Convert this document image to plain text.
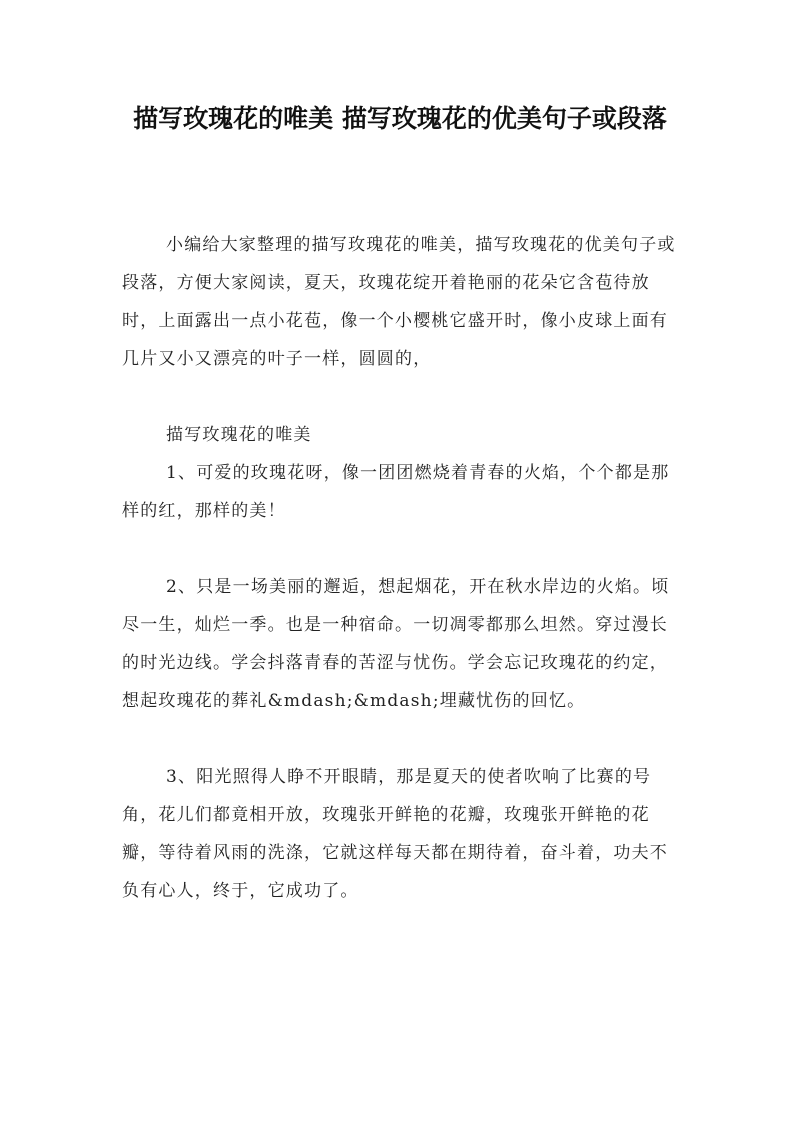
描写玫瑰花的唯美 描写玫瑰花的优美句子或段落

小编给大家整理的描写玫瑰花的唯美，描写玫瑰花的优美句子或段落，方便大家阅读，夏天，玫瑰花绽开着艳丽的花朵它含苞待放时，上面露出一点小花苞，像一个小樱桃它盛开时，像小皮球上面有几片又小又漂亮的叶子一样，圆圆的，

描写玫瑰花的唯美

1、可爱的玫瑰花呀，像一团团燃烧着青春的火焰，个个都是那样的红，那样的美！

2、只是一场美丽的邂逅，想起烟花，开在秋水岸边的火焰。顷尽一生，灿烂一季。也是一种宿命。一切凋零都那么坦然。穿过漫长的时光边线。学会抖落青春的苦涩与忧伤。学会忘记玫瑰花的约定，想起玫瑰花的葬礼&mdash;&mdash;埋藏忧伤的回忆。

3、阳光照得人睁不开眼睛，那是夏天的使者吹响了比赛的号角，花儿们都竟相开放，玫瑰张开鲜艳的花瓣，玫瑰张开鲜艳的花瓣，等待着风雨的洗涤，它就这样每天都在期待着，奋斗着，功夫不负有心人，终于，它成功了。
